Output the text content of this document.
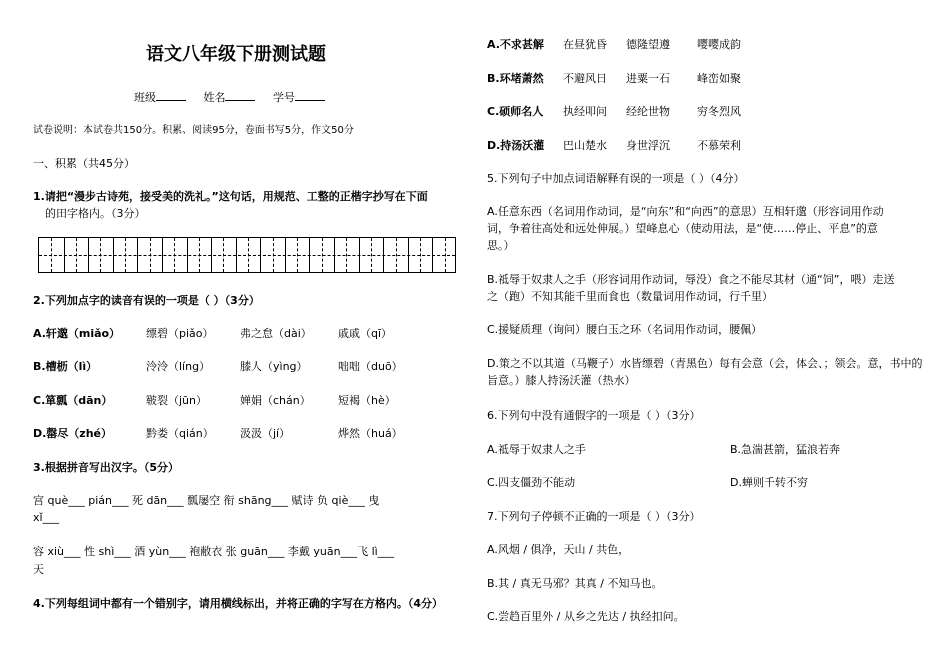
语文八年级下册测试题
班级	姓名	学号
试卷说明：本试卷共150分。积累、阅读95分，卷面书写5分，作文50分
一、积累（共45分）
1.请把“漫步古诗苑，接受美的洗礼。”这句话，用规范、工整的正楷字抄写在下面
的田字格内。（3分）
2.下列加点字的读音有误的一项是（ ）（3分）
A.轩邈（miǎo） 缥碧（piǎo） 弗之怠（dài） 戚戚（qī）
B.槽枥（lì）	泠泠（líng）	膝人（yìng）	咄咄（duō）
C.箪瓢（dān）	皲裂（jūn）	婵娟（chán） 短褐（hè）
D.罄尽（zhé）	黔娄（qián） 汲汲（jí）	烨然（huá）
3.根据拼音写出汉字。（5分）
宫 què___ pián___ 死 dān___ 瓢屡空 衔 shāng___ 赋诗 负 qiè___ 曳
xǐ___
容 xiù___ 性 shì___ 酒 yùn___ 袍敝衣 张 guān___ 李戴 yuān___飞 lì___
天
4.下列每组词中都有一个错别字，请用横线标出，并将正确的字写在方格内。（4分）
A.不求甚解 在昼犹昏 德隆望遵 嘤嘤成韵
B.环堵萧然 不避风日 进粟一石 峰峦如聚
C.硕师名人 执经叩问 经纶世物 穷冬烈风
D.持汤沃灌 巴山楚水 身世浮沉 不慕荣利
5.下列句子中加点词语解释有误的一项是（ ）（4分）
A.任意东西（名词用作动词，是“向东”和“向西”的意思）互相轩邈（形容词用作动
词，争着往高处和远处伸展。）望峰息心（使动用法，是“使……停止、平息”的意
思。）
B.祗辱于奴隶人之手（形容词用作动词，辱没）食之不能尽其材（通“饲”，喂）走送
之（跑）不知其能千里而食也（数量词用作动词，行千里）
C.援疑质理（询问）腰白玉之环（名词用作动词，腰佩）
D.策之不以其道（马鞭子）水皆缥碧（青黑色）每有会意（会，体会、；领会。意，书中的
旨意。）膝人持汤沃灌（热水）
6.下列句中没有通假字的一项是（ ）（3分）
A.祗辱于奴隶人之手	B.急湍甚箭，猛浪若奔
C.四支僵劲不能动	D.蝉则千转不穷
7.下列句子停顿不正确的一项是（ ）（3分）
A.风烟 / 俱净，天山 / 共色，
B.其 / 真无马邪？其真 / 不知马也。
C.尝趋百里外 / 从乡之先达 / 执经扣问。
